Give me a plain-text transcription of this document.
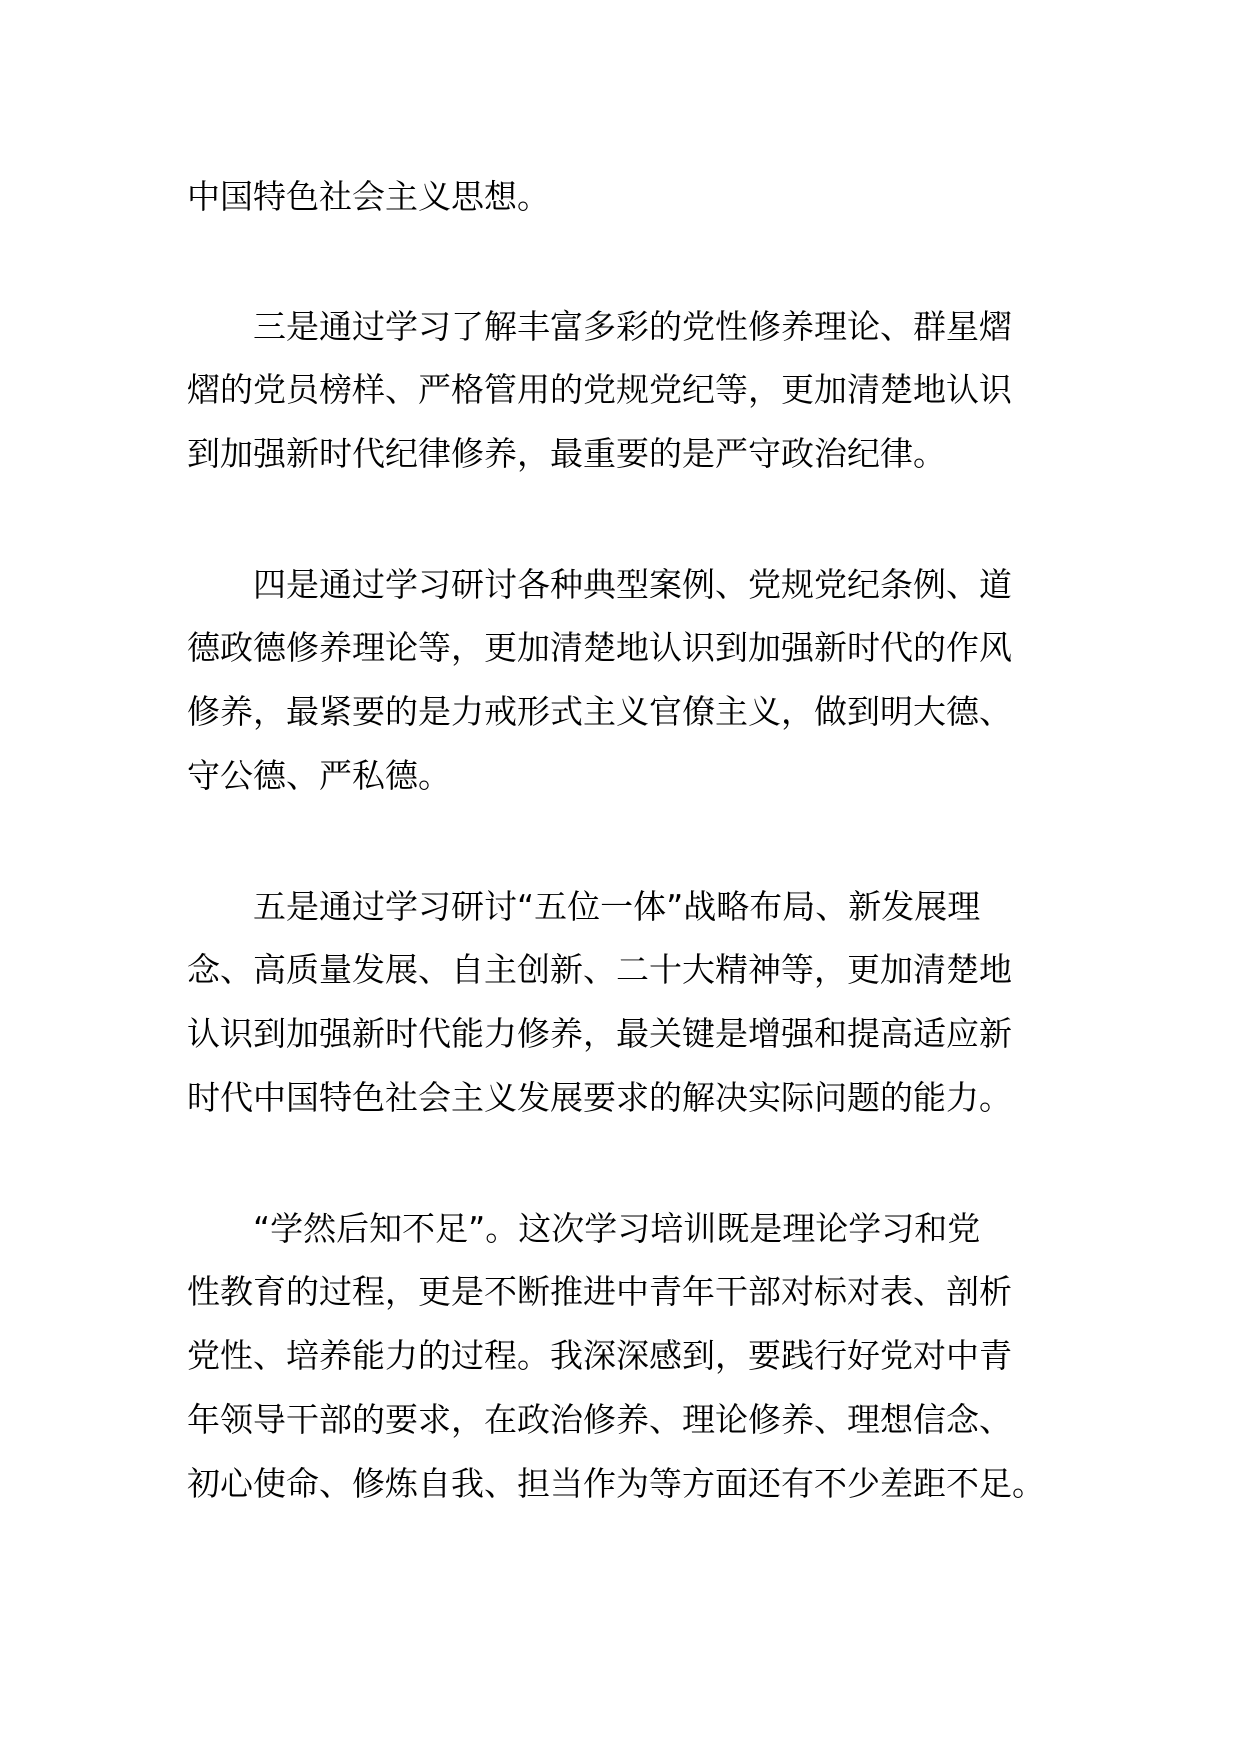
中国特色社会主义思想。

三是通过学习了解丰富多彩的党性修养理论、群星熠

熠的党员榜样、严格管用的党规党纪等，更加清楚地认识

到加强新时代纪律修养，最重要的是严守政治纪律。

四是通过学习研讨各种典型案例、党规党纪条例、道

德政德修养理论等，更加清楚地认识到加强新时代的作风

修养，最紧要的是力戒形式主义官僚主义，做到明大德、

守公德、严私德。

五是通过学习研讨“五位一体”战略布局、新发展理

念、高质量发展、自主创新、二十大精神等，更加清楚地

认识到加强新时代能力修养，最关键是增强和提高适应新

时代中国特色社会主义发展要求的解决实际问题的能力。

“学然后知不足”。这次学习培训既是理论学习和党

性教育的过程，更是不断推进中青年干部对标对表、剖析

党性、培养能力的过程。我深深感到，要践行好党对中青

年领导干部的要求，在政治修养、理论修养、理想信念、

初心使命、修炼自我、担当作为等方面还有不少差距不足。
